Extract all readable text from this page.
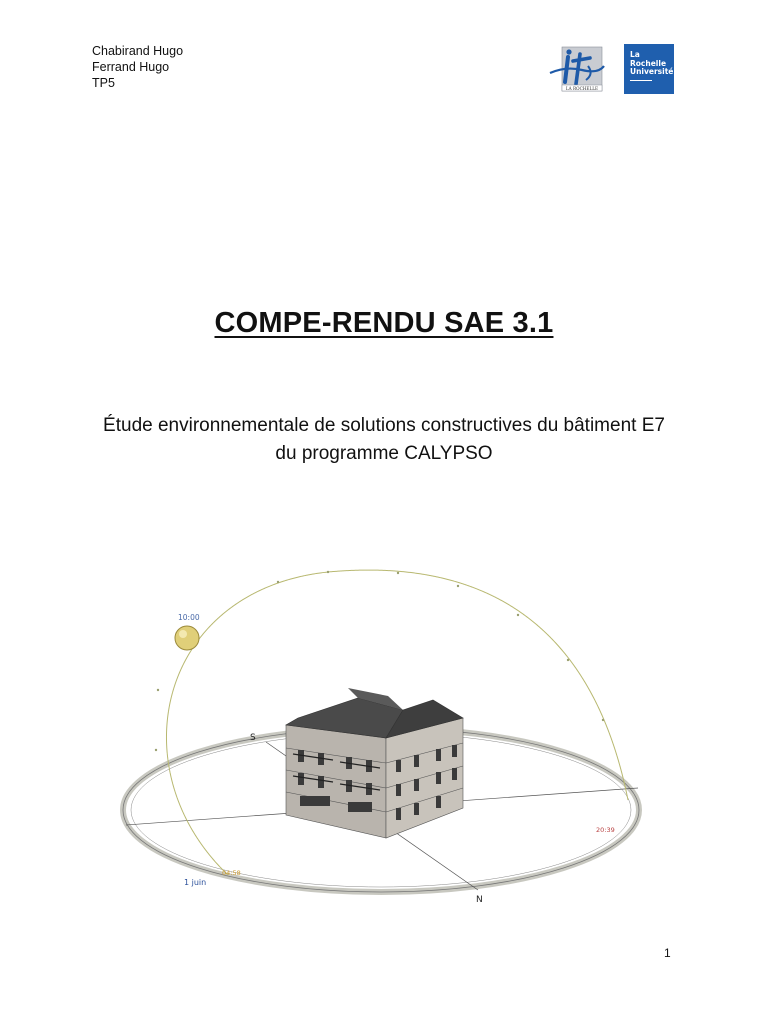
Chabirand Hugo
Ferrand Hugo
TP5	LA ROCHELLE
La Rochelle
Université
COMPE-RENDU SAE 3.1
Étude environnementale de solutions constructives du bâtiment E7 du programme CALYPSO
10:00
S
N
04:58
20:39
1 juin
1
